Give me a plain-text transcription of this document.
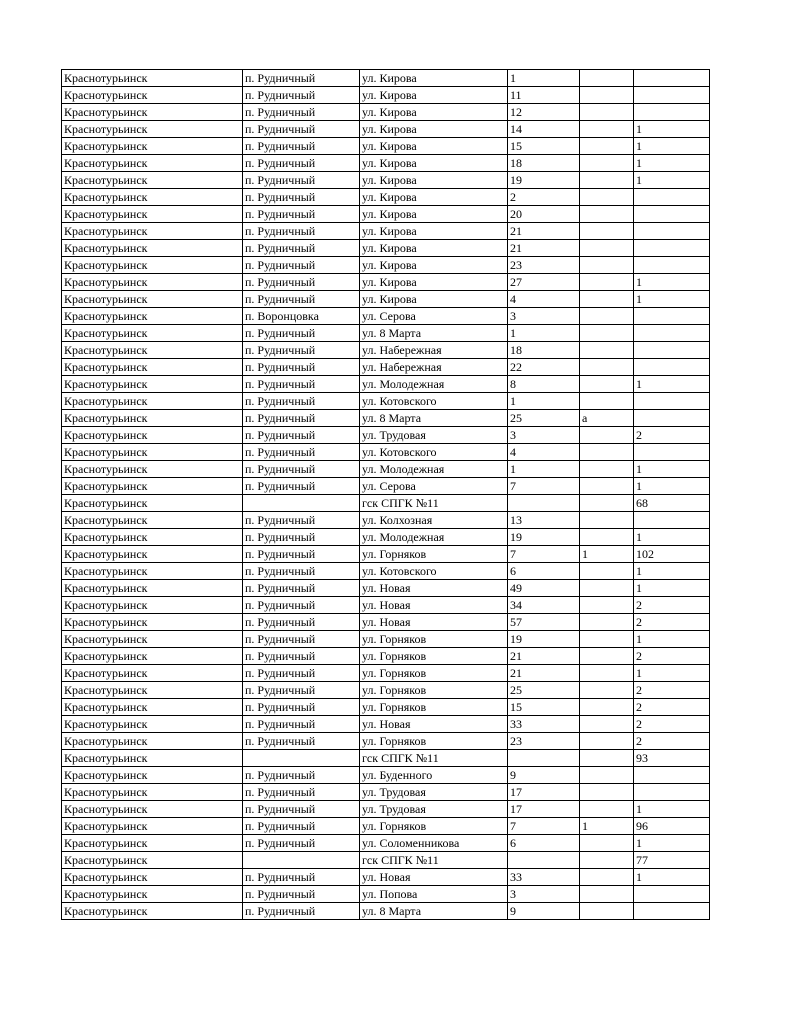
Краснотурьинск	п. Рудничный	ул. Кирова	1		
Краснотурьинск	п. Рудничный	ул. Кирова	11		
Краснотурьинск	п. Рудничный	ул. Кирова	12		
Краснотурьинск	п. Рудничный	ул. Кирова	14		1
Краснотурьинск	п. Рудничный	ул. Кирова	15		1
Краснотурьинск	п. Рудничный	ул. Кирова	18		1
Краснотурьинск	п. Рудничный	ул. Кирова	19		1
Краснотурьинск	п. Рудничный	ул. Кирова	2		
Краснотурьинск	п. Рудничный	ул. Кирова	20		
Краснотурьинск	п. Рудничный	ул. Кирова	21		
Краснотурьинск	п. Рудничный	ул. Кирова	21		
Краснотурьинск	п. Рудничный	ул. Кирова	23		
Краснотурьинск	п. Рудничный	ул. Кирова	27		1
Краснотурьинск	п. Рудничный	ул. Кирова	4		1
Краснотурьинск	п. Воронцовка	ул. Серова	3		
Краснотурьинск	п. Рудничный	ул. 8 Марта	1		
Краснотурьинск	п. Рудничный	ул. Набережная	18		
Краснотурьинск	п. Рудничный	ул. Набережная	22		
Краснотурьинск	п. Рудничный	ул. Молодежная	8		1
Краснотурьинск	п. Рудничный	ул. Котовского	1		
Краснотурьинск	п. Рудничный	ул. 8 Марта	25	а	
Краснотурьинск	п. Рудничный	ул. Трудовая	3		2
Краснотурьинск	п. Рудничный	ул. Котовского	4		
Краснотурьинск	п. Рудничный	ул. Молодежная	1		1
Краснотурьинск	п. Рудничный	ул. Серова	7		1
Краснотурьинск		гск СПГК №11			68
Краснотурьинск	п. Рудничный	ул. Колхозная	13		
Краснотурьинск	п. Рудничный	ул. Молодежная	19		1
Краснотурьинск	п. Рудничный	ул. Горняков	7	1	102
Краснотурьинск	п. Рудничный	ул. Котовского	6		1
Краснотурьинск	п. Рудничный	ул. Новая	49		1
Краснотурьинск	п. Рудничный	ул. Новая	34		2
Краснотурьинск	п. Рудничный	ул. Новая	57		2
Краснотурьинск	п. Рудничный	ул. Горняков	19		1
Краснотурьинск	п. Рудничный	ул. Горняков	21		2
Краснотурьинск	п. Рудничный	ул. Горняков	21		1
Краснотурьинск	п. Рудничный	ул. Горняков	25		2
Краснотурьинск	п. Рудничный	ул. Горняков	15		2
Краснотурьинск	п. Рудничный	ул. Новая	33		2
Краснотурьинск	п. Рудничный	ул. Горняков	23		2
Краснотурьинск		гск СПГК №11			93
Краснотурьинск	п. Рудничный	ул. Буденного	9		
Краснотурьинск	п. Рудничный	ул. Трудовая	17		
Краснотурьинск	п. Рудничный	ул. Трудовая	17		1
Краснотурьинск	п. Рудничный	ул. Горняков	7	1	96
Краснотурьинск	п. Рудничный	ул. Соломенникова	6		1
Краснотурьинск		гск СПГК №11			77
Краснотурьинск	п. Рудничный	ул. Новая	33		1
Краснотурьинск	п. Рудничный	ул. Попова	3		
Краснотурьинск	п. Рудничный	ул. 8 Марта	9		
